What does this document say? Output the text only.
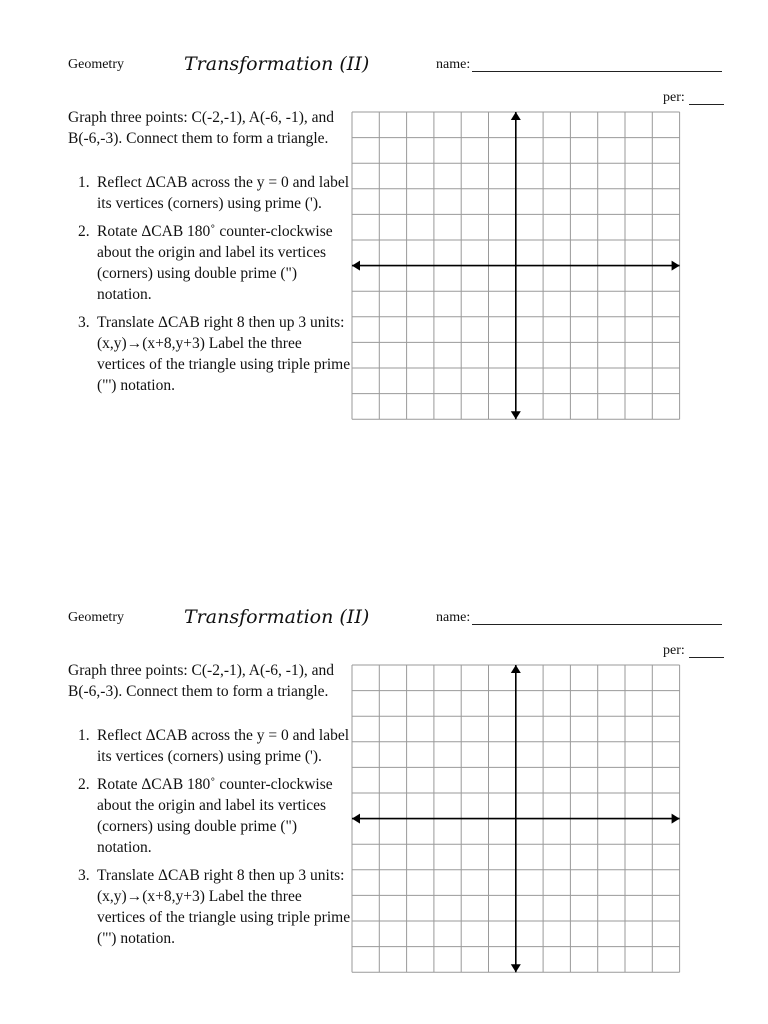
Geometry	Transformation (II)	name:
per:

Graph three points: C(-2,-1), A(-6, -1), and B(-6,-3). Connect them to form a triangle.

1. Reflect ΔCAB across the y = 0 and label its vertices (corners) using prime (').
2. Rotate ΔCAB 180˚ counter-clockwise about the origin and label its vertices (corners) using double prime (") notation.
3. Translate ΔCAB right 8 then up 3 units: (x,y)→(x+8,y+3) Label the three vertices of the triangle using triple prime ("') notation.
Geometry	Transformation (II)	name:
per:

Graph three points: C(-2,-1), A(-6, -1), and B(-6,-3). Connect them to form a triangle.

1. Reflect ΔCAB across the y = 0 and label its vertices (corners) using prime (').
2. Rotate ΔCAB 180˚ counter-clockwise about the origin and label its vertices (corners) using double prime (") notation.
3. Translate ΔCAB right 8 then up 3 units: (x,y)→(x+8,y+3) Label the three vertices of the triangle using triple prime ("') notation.
